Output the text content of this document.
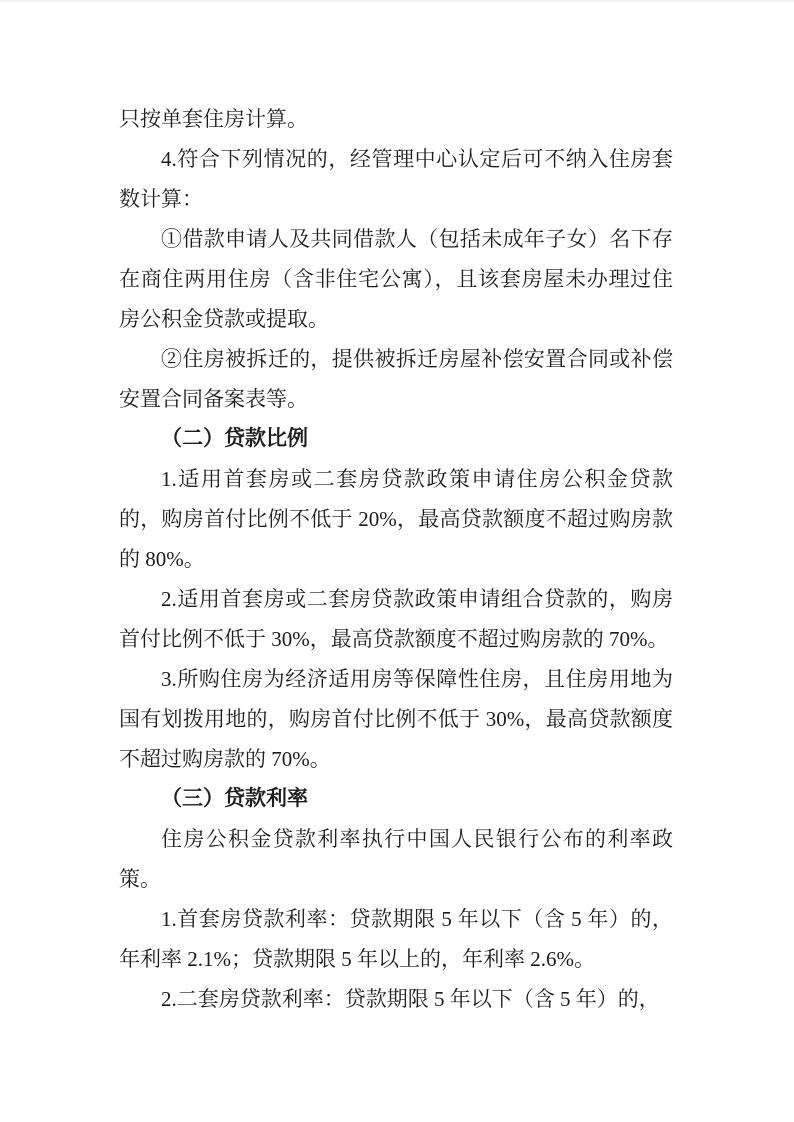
只按单套住房计算。

4.符合下列情况的，经管理中心认定后可不纳入住房套数计算：

①借款申请人及共同借款人（包括未成年子女）名下存在商住两用住房（含非住宅公寓），且该套房屋未办理过住房公积金贷款或提取。

②住房被拆迁的，提供被拆迁房屋补偿安置合同或补偿安置合同备案表等。

（二）贷款比例

1.适用首套房或二套房贷款政策申请住房公积金贷款的，购房首付比例不低于 20%，最高贷款额度不超过购房款的 80%。

2.适用首套房或二套房贷款政策申请组合贷款的，购房首付比例不低于 30%，最高贷款额度不超过购房款的 70%。

3.所购住房为经济适用房等保障性住房，且住房用地为国有划拨用地的，购房首付比例不低于 30%，最高贷款额度不超过购房款的 70%。

（三）贷款利率

住房公积金贷款利率执行中国人民银行公布的利率政策。

1.首套房贷款利率：贷款期限 5 年以下（含 5 年）的，年利率 2.1%；贷款期限 5 年以上的，年利率 2.6%。

2.二套房贷款利率：贷款期限 5 年以下（含 5 年）的，
